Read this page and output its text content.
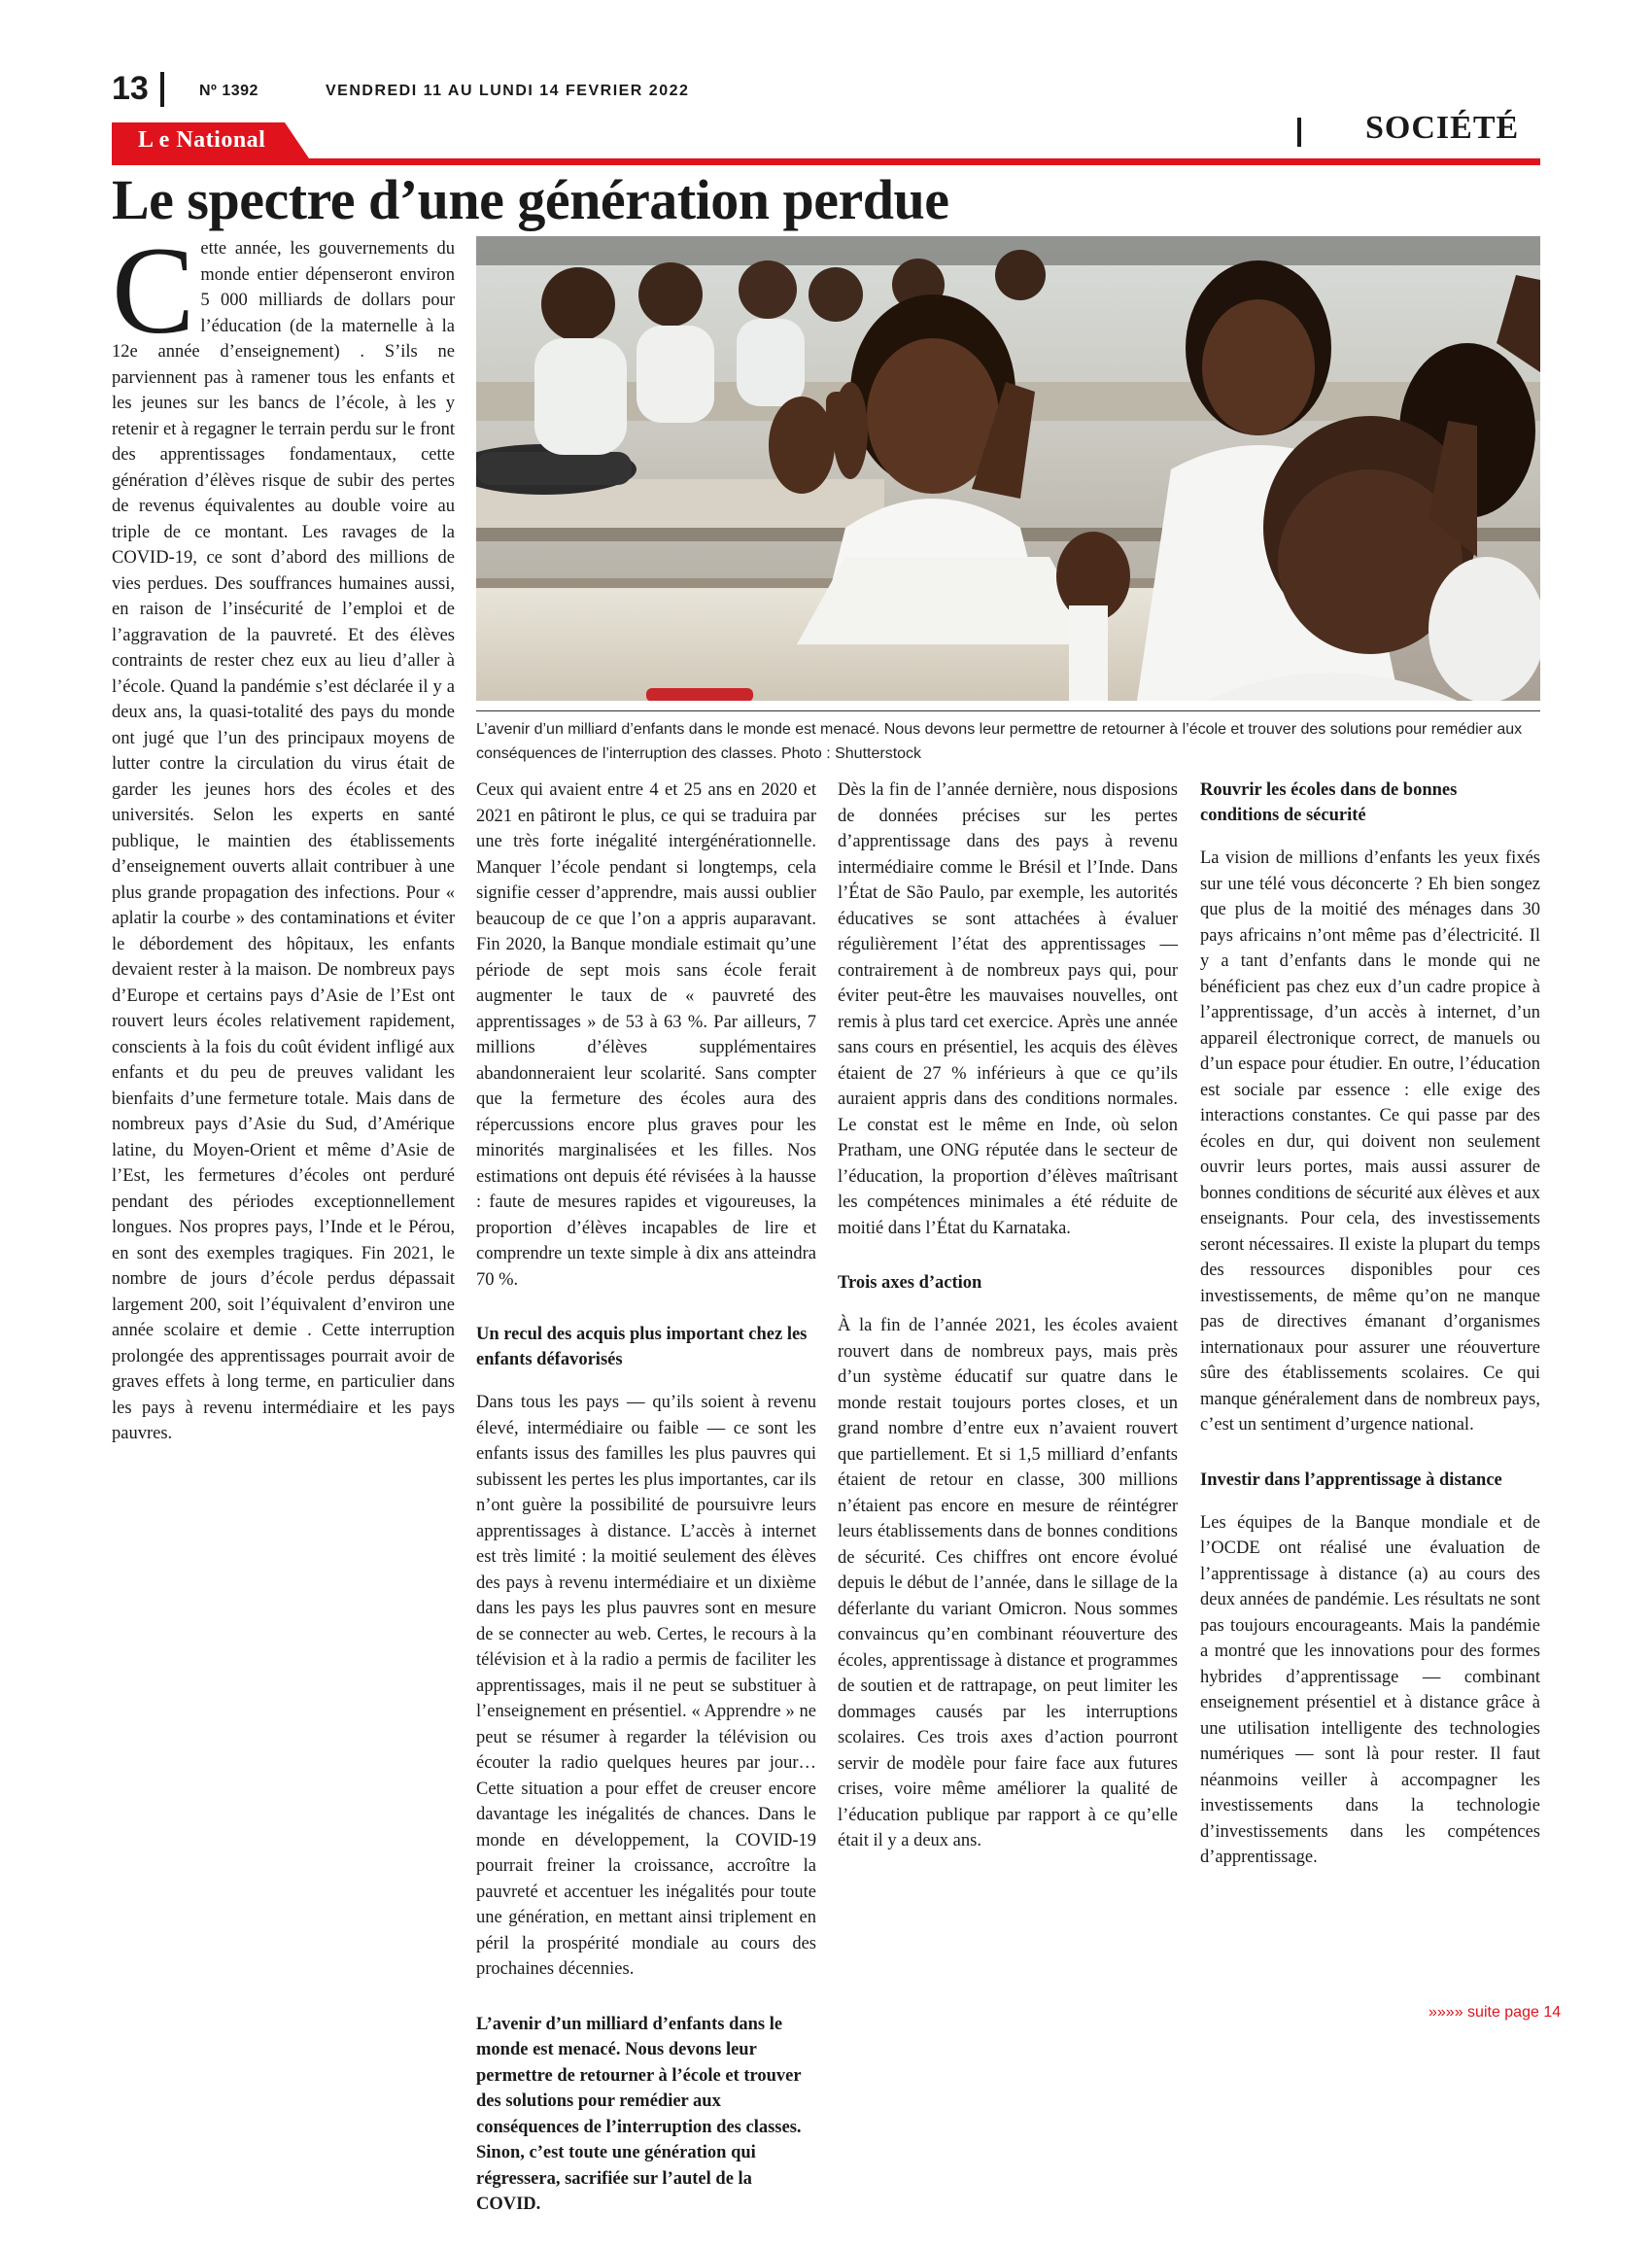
13	Nº 1392	VENDREDI 11 AU LUNDI 14 FEVRIER 2022
L e National	SOCIÉTÉ
Le spectre d’une génération perdue

L’avenir d’un milliard d’enfants dans le monde est menacé. Nous devons leur permettre de retourner à l’école et trouver des solutions pour remédier aux conséquences de l’interruption des classes. Photo : Shutterstock

C ette année, les gouvernements du monde entier dépenseront environ 5 000 milliards de dollars pour l’éducation (de la maternelle à la 12e année d’enseignement) . S’ils ne parviennent pas à ramener tous les enfants et les jeunes sur les bancs de l’école, à les y retenir et à regagner le terrain perdu sur le front des apprentissages fondamentaux, cette génération d’élèves risque de subir des pertes de revenus équivalentes au double voire au triple de ce montant. Les ravages de la COVID-19, ce sont d’abord des millions de vies perdues. Des souffrances humaines aussi, en raison de l’insécurité de l’emploi et de l’aggravation de la pauvreté. Et des élèves contraints de rester chez eux au lieu d’aller à l’école. Quand la pandémie s’est déclarée il y a deux ans, la quasi-totalité des pays du monde ont jugé que l’un des principaux moyens de lutter contre la circulation du virus était de garder les jeunes hors des écoles et des universités. Selon les experts en santé publique, le maintien des établissements d’enseignement ouverts allait contribuer à une plus grande propagation des infections. Pour « aplatir la courbe » des contaminations et éviter le débordement des hôpitaux, les enfants devaient rester à la maison. De nombreux pays d’Europe et certains pays d’Asie de l’Est ont rouvert leurs écoles relativement rapidement, conscients à la fois du coût évident infligé aux enfants et du peu de preuves validant les bienfaits d’une fermeture totale. Mais dans de nombreux pays d’Asie du Sud, d’Amérique latine, du Moyen-Orient et même d’Asie de l’Est, les fermetures d’écoles ont perduré pendant des périodes exceptionnellement longues. Nos propres pays, l’Inde et le Pérou, en sont des exemples tragiques. Fin 2021, le nombre de jours d’école perdus dépassait largement 200, soit l’équivalent d’environ une année scolaire et demie . Cette interruption prolongée des apprentissages pourrait avoir de graves effets à long terme, en particulier dans les pays à revenu intermédiaire et les pays pauvres.

Ceux qui avaient entre 4 et 25 ans en 2020 et 2021 en pâtiront le plus, ce qui se traduira par une très forte inégalité intergénérationnelle. Manquer l’école pendant si longtemps, cela signifie cesser d’apprendre, mais aussi oublier beaucoup de ce que l’on a appris auparavant. Fin 2020, la Banque mondiale estimait qu’une période de sept mois sans école ferait augmenter le taux de « pauvreté des apprentissages » de 53 à 63 %. Par ailleurs, 7 millions d’élèves supplémentaires abandonneraient leur scolarité. Sans compter que la fermeture des écoles aura des répercussions encore plus graves pour les minorités marginalisées et les filles. Nos estimations ont depuis été révisées à la hausse : faute de mesures rapides et vigoureuses, la proportion d’élèves incapables de lire et comprendre un texte simple à dix ans atteindra 70 %.

Un recul des acquis plus important chez les enfants défavorisés

Dans tous les pays — qu’ils soient à revenu élevé, intermédiaire ou faible — ce sont les enfants issus des familles les plus pauvres qui subissent les pertes les plus importantes, car ils n’ont guère la possibilité de poursuivre leurs apprentissages à distance. L’accès à internet est très limité : la moitié seulement des élèves des pays à revenu intermédiaire et un dixième dans les pays les plus pauvres sont en mesure de se connecter au web. Certes, le recours à la télévision et à la radio a permis de faciliter les apprentissages, mais il ne peut se substituer à l’enseignement en présentiel. « Apprendre » ne peut se résumer à regarder la télévision ou écouter la radio quelques heures par jour… Cette situation a pour effet de creuser encore davantage les inégalités de chances. Dans le monde en développement, la COVID-19 pourrait freiner la croissance, accroître la pauvreté et accentuer les inégalités pour toute une génération, en mettant ainsi triplement en péril la prospérité mondiale au cours des prochaines décennies.

L’avenir d’un milliard d’enfants dans le monde est menacé. Nous devons leur permettre de retourner à l’école et trouver des solutions pour remédier aux conséquences de l’interruption des classes. Sinon, c’est toute une génération qui régressera, sacrifiée sur l’autel de la COVID.

Dès la fin de l’année dernière, nous disposions de données précises sur les pertes d’apprentissage dans des pays à revenu intermédiaire comme le Brésil et l’Inde. Dans l’État de São Paulo, par exemple, les autorités éducatives se sont attachées à évaluer régulièrement l’état des apprentissages — contrairement à de nombreux pays qui, pour éviter peut-être les mauvaises nouvelles, ont remis à plus tard cet exercice. Après une année sans cours en présentiel, les acquis des élèves étaient de 27 % inférieurs à que ce qu’ils auraient appris dans des conditions normales. Le constat est le même en Inde, où selon Pratham, une ONG réputée dans le secteur de l’éducation, la proportion d’élèves maîtrisant les compétences minimales a été réduite de moitié dans l’État du Karnataka.

Trois axes d’action

À la fin de l’année 2021, les écoles avaient rouvert dans de nombreux pays, mais près d’un système éducatif sur quatre dans le monde restait toujours portes closes, et un grand nombre d’entre eux n’avaient rouvert que partiellement. Et si 1,5 milliard d’enfants étaient de retour en classe, 300 millions n’étaient pas encore en mesure de réintégrer leurs établissements dans de bonnes conditions de sécurité. Ces chiffres ont encore évolué depuis le début de l’année, dans le sillage de la déferlante du variant Omicron. Nous sommes convaincus qu’en combinant réouverture des écoles, apprentissage à distance et programmes de soutien et de rattrapage, on peut limiter les dommages causés par les interruptions scolaires. Ces trois axes d’action pourront servir de modèle pour faire face aux futures crises, voire même améliorer la qualité de l’éducation publique par rapport à ce qu’elle était il y a deux ans.

Rouvrir les écoles dans de bonnes conditions de sécurité

La vision de millions d’enfants les yeux fixés sur une télé vous déconcerte ? Eh bien songez que plus de la moitié des ménages dans 30 pays africains n’ont même pas d’électricité. Il y a tant d’enfants dans le monde qui ne bénéficient pas chez eux d’un cadre propice à l’apprentissage, d’un accès à internet, d’un appareil électronique correct, de manuels ou d’un espace pour étudier. En outre, l’éducation est sociale par essence : elle exige des interactions constantes. Ce qui passe par des écoles en dur, qui doivent non seulement ouvrir leurs portes, mais aussi assurer de bonnes conditions de sécurité aux élèves et aux enseignants. Pour cela, des investissements seront nécessaires. Il existe la plupart du temps des ressources disponibles pour ces investissements, de même qu’on ne manque pas de directives émanant d’organismes internationaux pour assurer une réouverture sûre des établissements scolaires. Ce qui manque généralement dans de nombreux pays, c’est un sentiment d’urgence national.

Investir dans l’apprentissage à distance

Les équipes de la Banque mondiale et de l’OCDE ont réalisé une évaluation de l’apprentissage à distance (a) au cours des deux années de pandémie. Les résultats ne sont pas toujours encourageants. Mais la pandémie a montré que les innovations pour des formes hybrides d’apprentissage — combinant enseignement présentiel et à distance grâce à une utilisation intelligente des technologies numériques — sont là pour rester. Il faut néanmoins veiller à accompagner les investissements dans la technologie d’investissements dans les compétences d’apprentissage.

»»»» suite page 14
